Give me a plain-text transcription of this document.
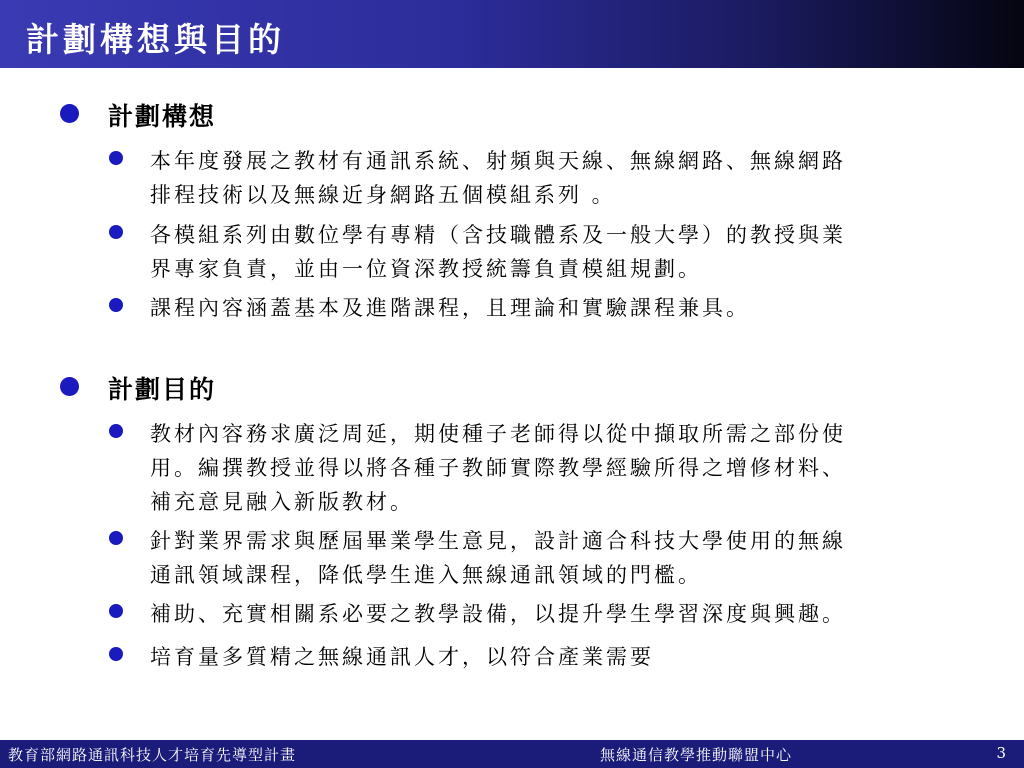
計劃構想與目的
計劃構想
本年度發展之教材有通訊系統、射頻與天線、無線網路、無線網路
排程技術以及無線近身網路五個模組系列 。
各模組系列由數位學有專精（含技職體系及一般大學）的教授與業
界專家負責，並由一位資深教授統籌負責模組規劃。
課程內容涵蓋基本及進階課程，且理論和實驗課程兼具。
計劃目的
教材內容務求廣泛周延，期使種子老師得以從中擷取所需之部份使
用。編撰教授並得以將各種子教師實際教學經驗所得之增修材料、
補充意見融入新版教材。
針對業界需求與歷屆畢業學生意見，設計適合科技大學使用的無線
通訊領域課程，降低學生進入無線通訊領域的門檻。
補助、充實相關系必要之教學設備，以提升學生學習深度與興趣。
培育量多質精之無線通訊人才，以符合產業需要
教育部網路通訊科技人才培育先導型計畫	無線通信教學推動聯盟中心	3
